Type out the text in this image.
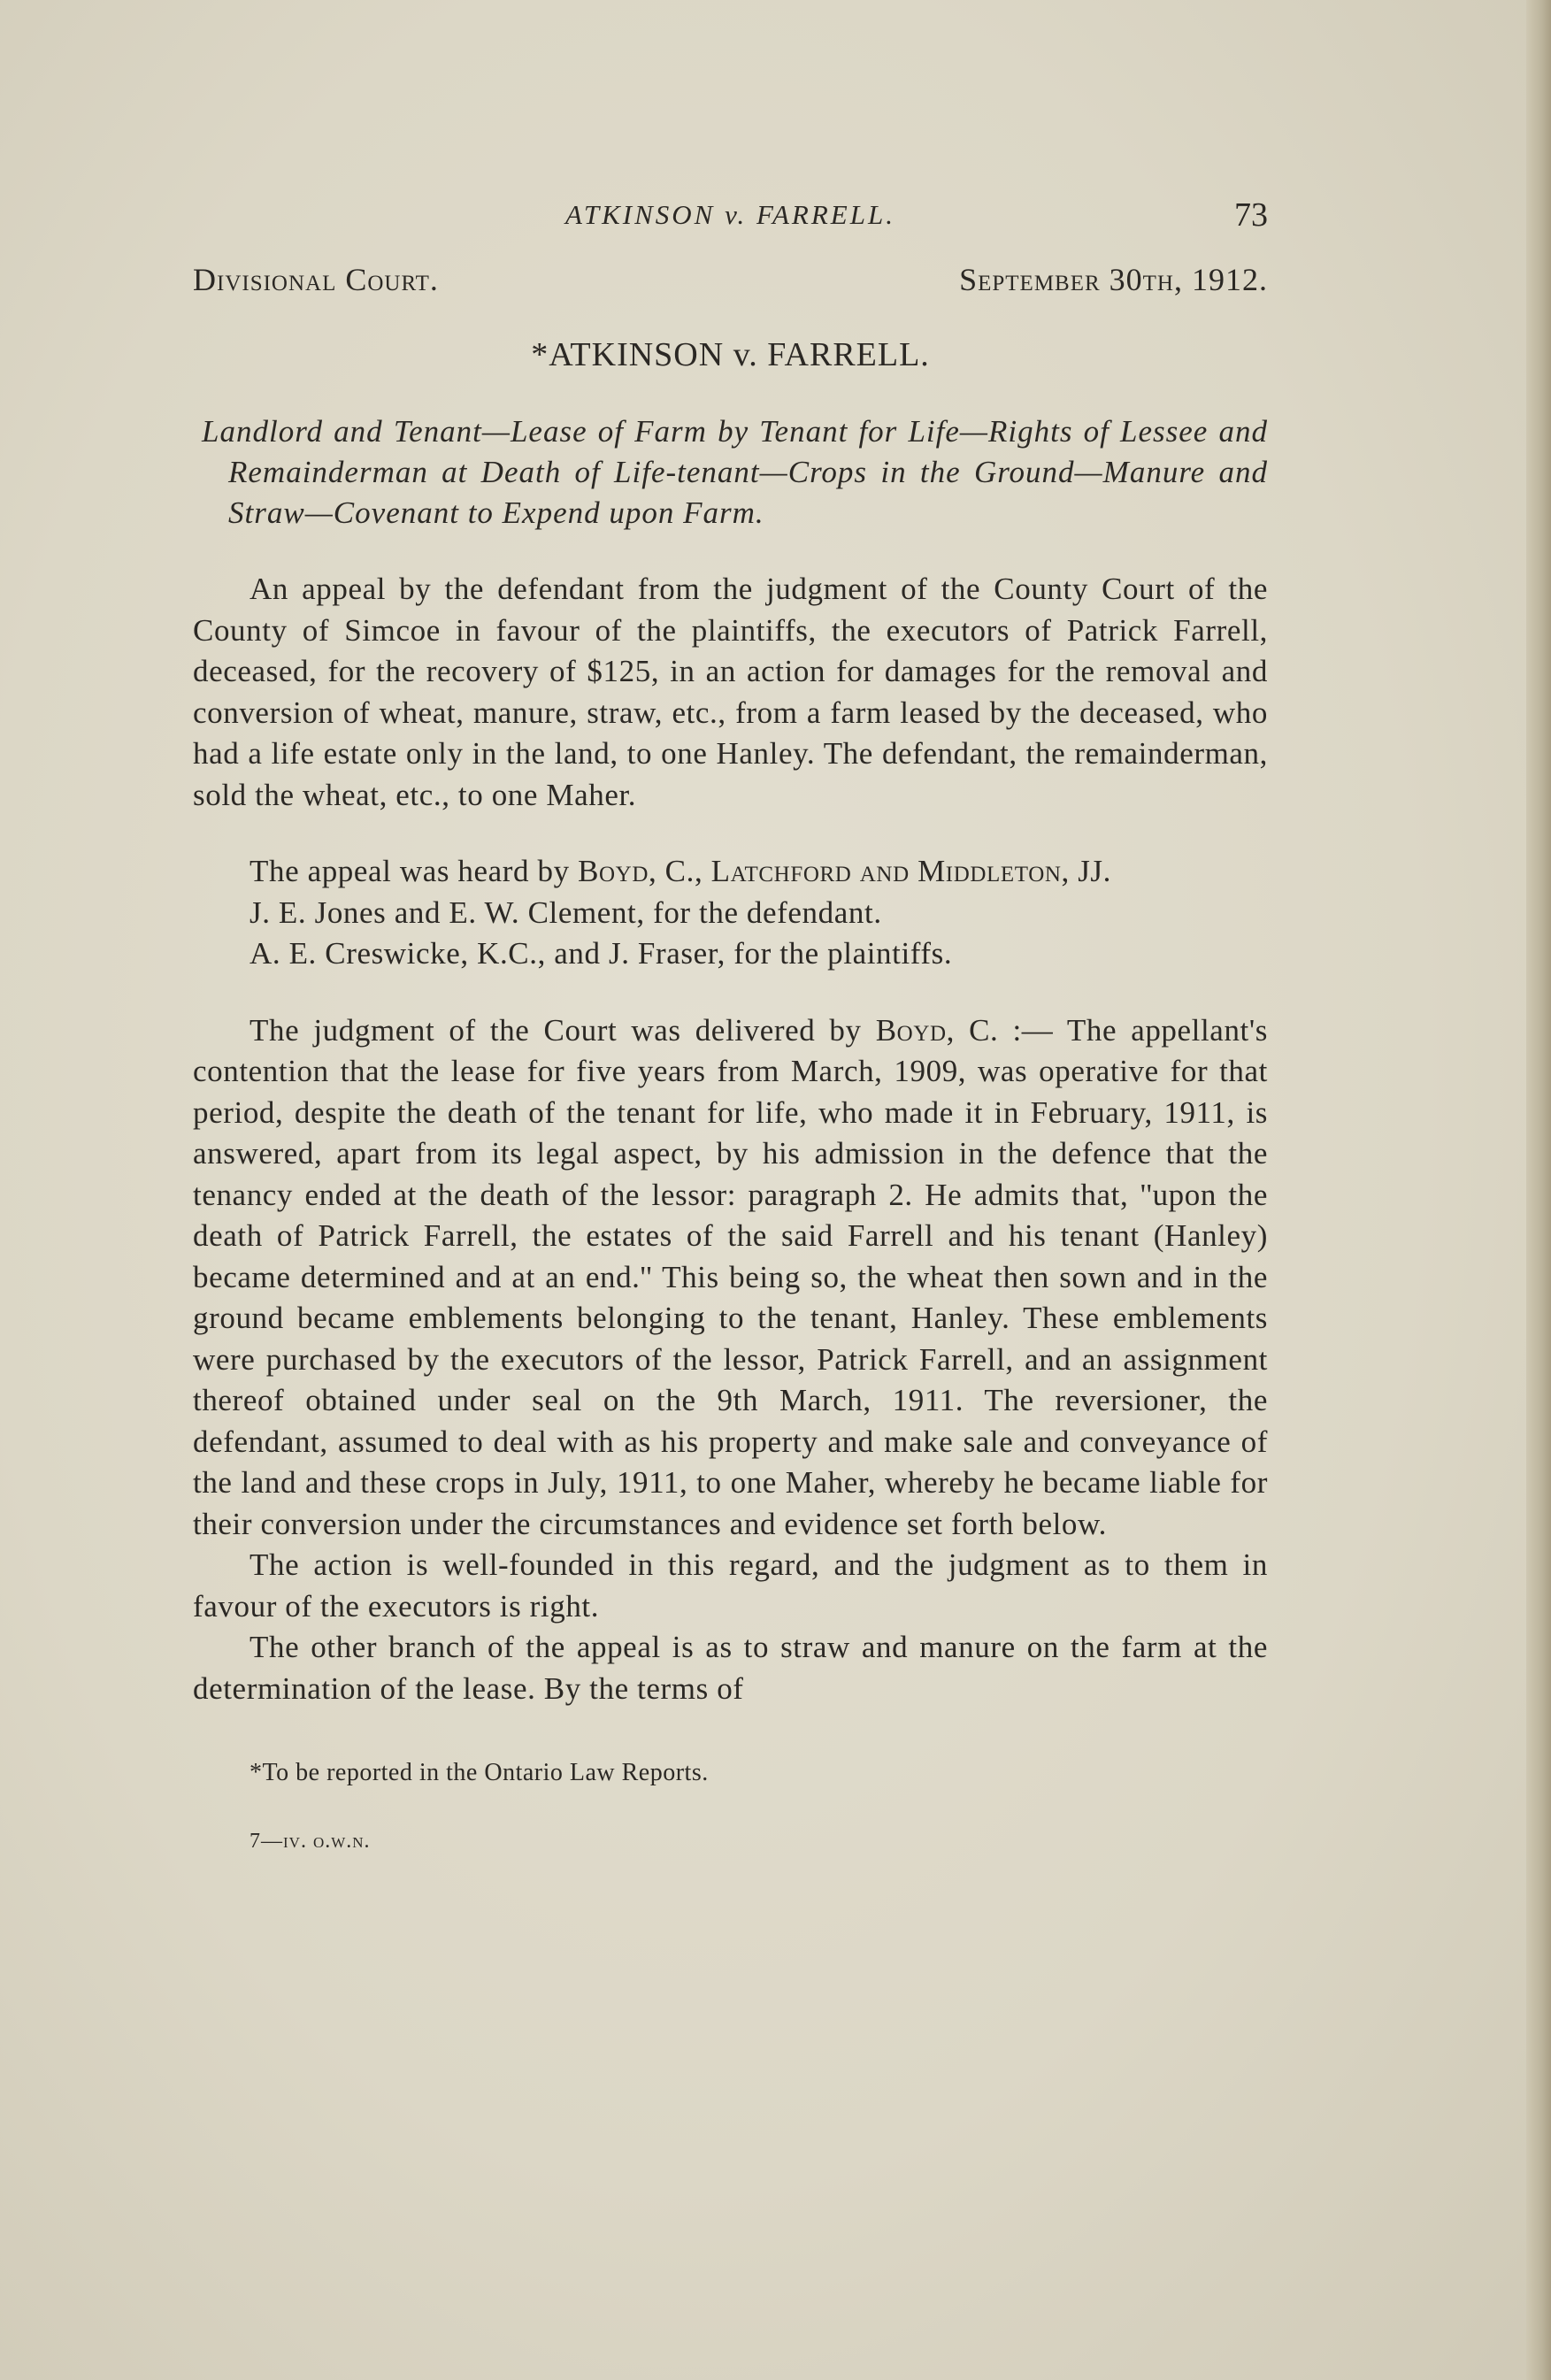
ATKINSON v. FARRELL.	73
Divisional Court.	September 30th, 1912.
*ATKINSON v. FARRELL.
Landlord and Tenant—Lease of Farm by Tenant for Life—Rights of Lessee and Remainderman at Death of Life-tenant—Crops in the Ground—Manure and Straw—Covenant to Expend upon Farm.

An appeal by the defendant from the judgment of the County Court of the County of Simcoe in favour of the plaintiffs, the executors of Patrick Farrell, deceased, for the recovery of $125, in an action for damages for the removal and conversion of wheat, manure, straw, etc., from a farm leased by the deceased, who had a life estate only in the land, to one Hanley. The defendant, the remainderman, sold the wheat, etc., to one Maher.

The appeal was heard by Boyd, C., Latchford and Middleton, JJ.

J. E. Jones and E. W. Clement, for the defendant.

A. E. Creswicke, K.C., and J. Fraser, for the plaintiffs.

The judgment of the Court was delivered by Boyd, C. :— The appellant's contention that the lease for five years from March, 1909, was operative for that period, despite the death of the tenant for life, who made it in February, 1911, is answered, apart from its legal aspect, by his admission in the defence that the tenancy ended at the death of the lessor: paragraph 2. He admits that, ''upon the death of Patrick Farrell, the estates of the said Farrell and his tenant (Hanley) became determined and at an end.'' This being so, the wheat then sown and in the ground became emblements belonging to the tenant, Hanley. These emblements were purchased by the executors of the lessor, Patrick Farrell, and an assignment thereof obtained under seal on the 9th March, 1911. The reversioner, the defendant, assumed to deal with as his property and make sale and conveyance of the land and these crops in July, 1911, to one Maher, whereby he became liable for their conversion under the circumstances and evidence set forth below.

The action is well-founded in this regard, and the judgment as to them in favour of the executors is right.

The other branch of the appeal is as to straw and manure on the farm at the determination of the lease. By the terms of

*To be reported in the Ontario Law Reports.
7—iv. o.w.n.
